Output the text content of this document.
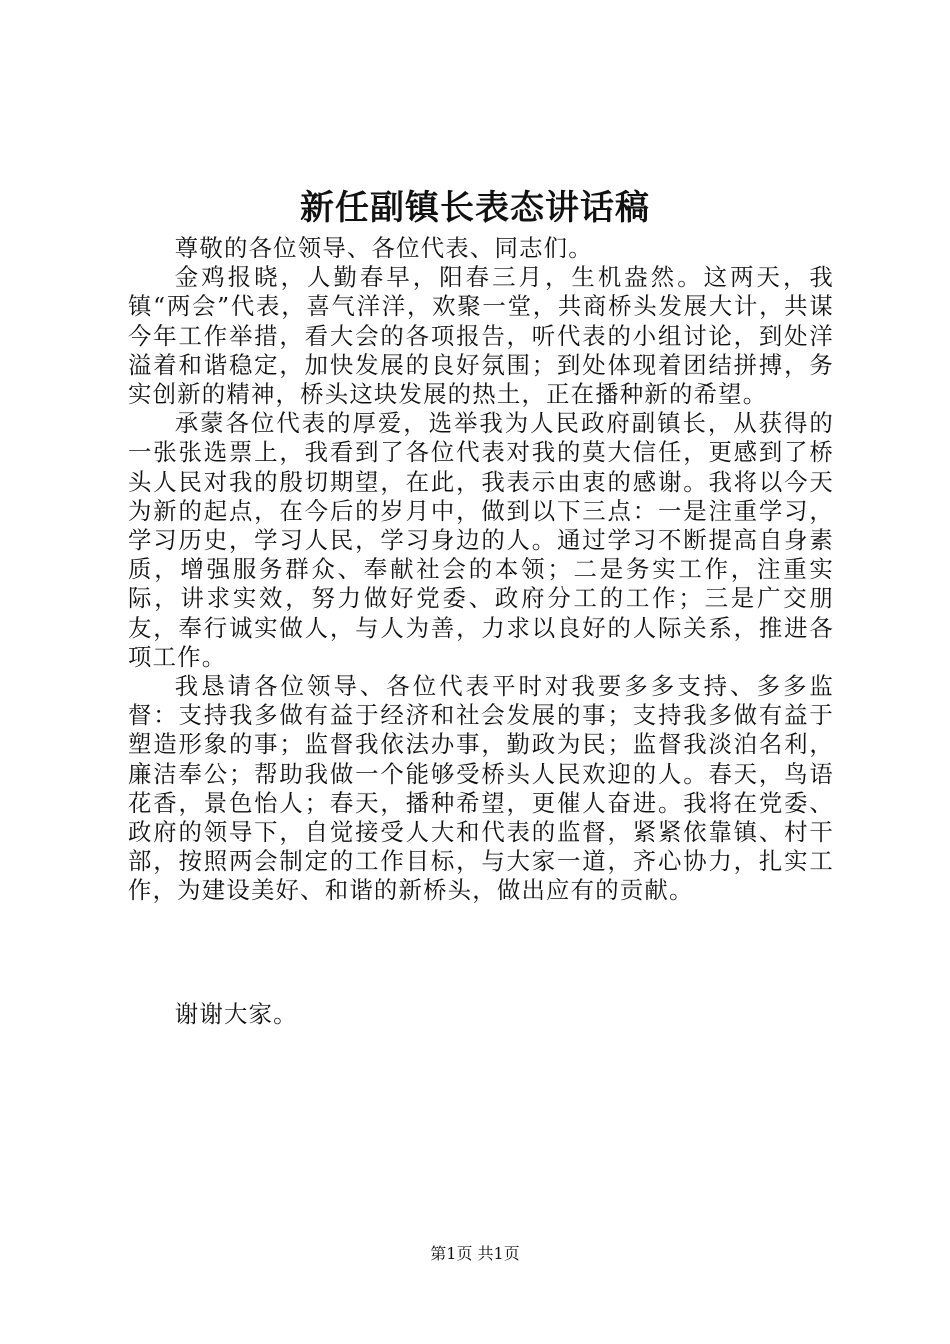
新任副镇长表态讲话稿

尊敬的各位领导、各位代表、同志们。

金鸡报晓，人勤春早，阳春三月，生机盎然。这两天，我镇“两会”代表，喜气洋洋，欢聚一堂，共商桥头发展大计，共谋今年工作举措，看大会的各项报告，听代表的小组讨论，到处洋溢着和谐稳定，加快发展的良好氛围；到处体现着团结拼搏，务实创新的精神，桥头这块发展的热土，正在播种新的希望。

承蒙各位代表的厚爱，选举我为人民政府副镇长，从获得的一张张选票上，我看到了各位代表对我的莫大信任，更感到了桥头人民对我的殷切期望，在此，我表示由衷的感谢。我将以今天为新的起点，在今后的岁月中，做到以下三点：一是注重学习，学习历史，学习人民，学习身边的人。通过学习不断提高自身素质，增强服务群众、奉献社会的本领；二是务实工作，注重实际，讲求实效，努力做好党委、政府分工的工作；三是广交朋友，奉行诚实做人，与人为善，力求以良好的人际关系，推进各项工作。

我恳请各位领导、各位代表平时对我要多多支持、多多监督：支持我多做有益于经济和社会发展的事；支持我多做有益于塑造形象的事；监督我依法办事，勤政为民；监督我淡泊名利，廉洁奉公；帮助我做一个能够受桥头人民欢迎的人。春天，鸟语花香，景色怡人；春天，播种希望，更催人奋进。我将在党委、政府的领导下，自觉接受人大和代表的监督，紧紧依靠镇、村干部，按照两会制定的工作目标，与大家一道，齐心协力，扎实工作，为建设美好、和谐的新桥头，做出应有的贡献。

谢谢大家。

第1页 共1页
